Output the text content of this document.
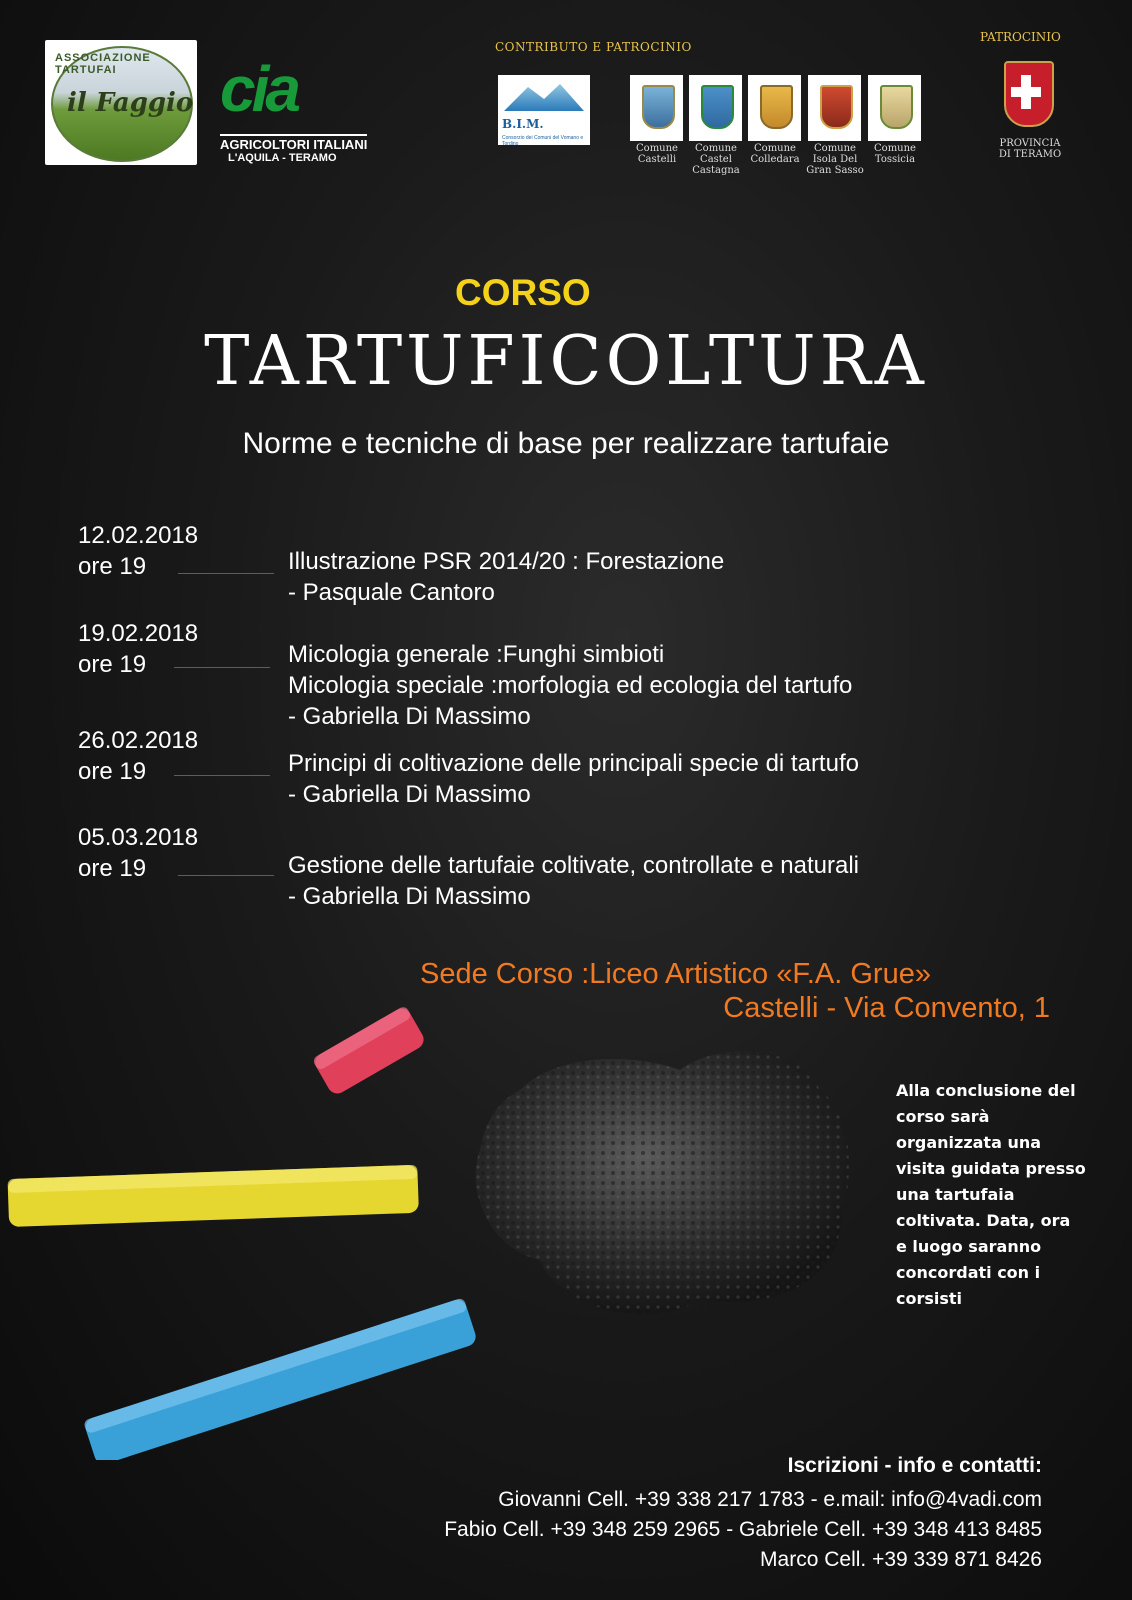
ASSOCIAZIONE TARTUFAI
il Faggio cia
AGRICOLTORI ITALIANI
L'AQUILA - TERAMO
CONTRIBUTO E PATROCINIO
B.I.M.
Consorzio dei Comuni del Vomano e Tordino	Comune
Castelli
Comune
Castel
Castagna
Comune
Colledara
Comune
Isola Del
Gran Sasso
Comune
Tossicia
PATROCINIO
PROVINCIA
DI TERAMO
CORSO
TARTUFICOLTURA
Norme e tecniche di base per realizzare tartufaie
12.02.2018
ore 19	Illustrazione PSR 2014/20 : Forestazione
- Pasquale Cantoro
19.02.2018
ore 19	Micologia generale :Funghi simbioti
Micologia speciale :morfologia ed ecologia del tartufo
- Gabriella Di Massimo
26.02.2018
ore 19	Principi di coltivazione delle principali specie di tartufo
- Gabriella Di Massimo
05.03.2018
ore 19	Gestione delle tartufaie coltivate, controllate e naturali
- Gabriella Di Massimo
Sede Corso :Liceo Artistico «F.A. Grue»
Castelli - Via Convento, 1
Alla conclusione del corso sarà organizzata una visita guidata presso una tartufaia coltivata. Data, ora e luogo saranno concordati con i corsisti
Iscrizioni - info e contatti:
Giovanni Cell. +39 338 217 1783 - e.mail: info@4vadi.com
Fabio Cell. +39 348 259 2965 - Gabriele Cell. +39 348 413 8485
Marco Cell. +39 339 871 8426
